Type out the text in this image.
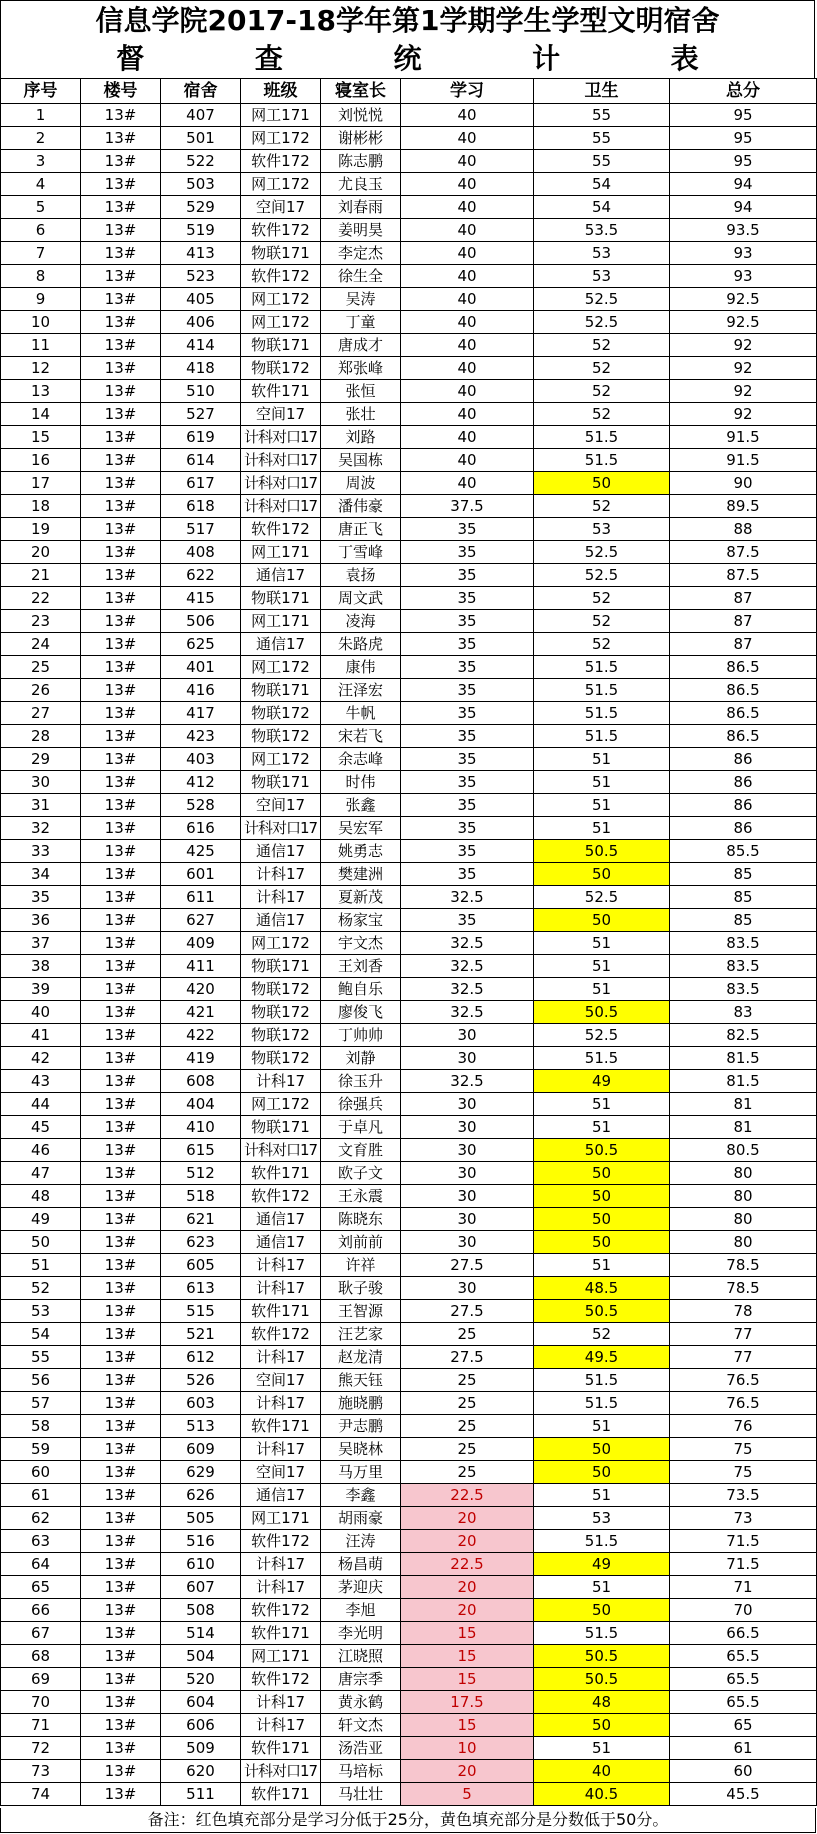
信息学院2017-18学年第1学期学生学型文明宿舍
督	查	统	计	表
序号	楼号	宿舍	班级	寝室长	学习	卫生	总分
1	13#	407	网工171	刘悦悦	40	55	95
2	13#	501	网工172	谢彬彬	40	55	95
3	13#	522	软件172	陈志鹏	40	55	95
4	13#	503	网工172	尤良玉	40	54	94
5	13#	529	空间17	刘春雨	40	54	94
6	13#	519	软件172	姜明昊	40	53.5	93.5
7	13#	413	物联171	李定杰	40	53	93
8	13#	523	软件172	徐生全	40	53	93
9	13#	405	网工172	吴涛	40	52.5	92.5
10	13#	406	网工172	丁童	40	52.5	92.5
11	13#	414	物联171	唐成才	40	52	92
12	13#	418	物联172	郑张峰	40	52	92
13	13#	510	软件171	张恒	40	52	92
14	13#	527	空间17	张壮	40	52	92
15	13#	619	计科对口17	刘路	40	51.5	91.5
16	13#	614	计科对口17	吴国栋	40	51.5	91.5
17	13#	617	计科对口17	周波	40	50	90
18	13#	618	计科对口17	潘伟豪	37.5	52	89.5
19	13#	517	软件172	唐正飞	35	53	88
20	13#	408	网工171	丁雪峰	35	52.5	87.5
21	13#	622	通信17	袁扬	35	52.5	87.5
22	13#	415	物联171	周文武	35	52	87
23	13#	506	网工171	凌海	35	52	87
24	13#	625	通信17	朱路虎	35	52	87
25	13#	401	网工172	康伟	35	51.5	86.5
26	13#	416	物联171	汪泽宏	35	51.5	86.5
27	13#	417	物联172	牛帆	35	51.5	86.5
28	13#	423	物联172	宋若飞	35	51.5	86.5
29	13#	403	网工172	余志峰	35	51	86
30	13#	412	物联171	时伟	35	51	86
31	13#	528	空间17	张鑫	35	51	86
32	13#	616	计科对口17	吴宏军	35	51	86
33	13#	425	通信17	姚勇志	35	50.5	85.5
34	13#	601	计科17	樊建洲	35	50	85
35	13#	611	计科17	夏新茂	32.5	52.5	85
36	13#	627	通信17	杨家宝	35	50	85
37	13#	409	网工172	宇文杰	32.5	51	83.5
38	13#	411	物联171	王刘香	32.5	51	83.5
39	13#	420	物联172	鲍自乐	32.5	51	83.5
40	13#	421	物联172	廖俊飞	32.5	50.5	83
41	13#	422	物联172	丁帅帅	30	52.5	82.5
42	13#	419	物联172	刘静	30	51.5	81.5
43	13#	608	计科17	徐玉升	32.5	49	81.5
44	13#	404	网工172	徐强兵	30	51	81
45	13#	410	物联171	于卓凡	30	51	81
46	13#	615	计科对口17	文育胜	30	50.5	80.5
47	13#	512	软件171	欧子文	30	50	80
48	13#	518	软件172	王永震	30	50	80
49	13#	621	通信17	陈晓东	30	50	80
50	13#	623	通信17	刘前前	30	50	80
51	13#	605	计科17	许祥	27.5	51	78.5
52	13#	613	计科17	耿子骏	30	48.5	78.5
53	13#	515	软件171	王智源	27.5	50.5	78
54	13#	521	软件172	汪艺家	25	52	77
55	13#	612	计科17	赵龙清	27.5	49.5	77
56	13#	526	空间17	熊天钰	25	51.5	76.5
57	13#	603	计科17	施晓鹏	25	51.5	76.5
58	13#	513	软件171	尹志鹏	25	51	76
59	13#	609	计科17	吴晓林	25	50	75
60	13#	629	空间17	马万里	25	50	75
61	13#	626	通信17	李鑫	22.5	51	73.5
62	13#	505	网工171	胡雨豪	20	53	73
63	13#	516	软件172	汪涛	20	51.5	71.5
64	13#	610	计科17	杨昌萌	22.5	49	71.5
65	13#	607	计科17	茅迎庆	20	51	71
66	13#	508	软件172	李旭	20	50	70
67	13#	514	软件171	李光明	15	51.5	66.5
68	13#	504	网工171	江晓照	15	50.5	65.5
69	13#	520	软件172	唐宗季	15	50.5	65.5
70	13#	604	计科17	黄永鹤	17.5	48	65.5
71	13#	606	计科17	轩文杰	15	50	65
72	13#	509	软件171	汤浩亚	10	51	61
73	13#	620	计科对口17	马培标	20	40	60
74	13#	511	软件171	马壮壮	5	40.5	45.5
备注：红色填充部分是学习分低于25分，黄色填充部分是分数低于50分。
